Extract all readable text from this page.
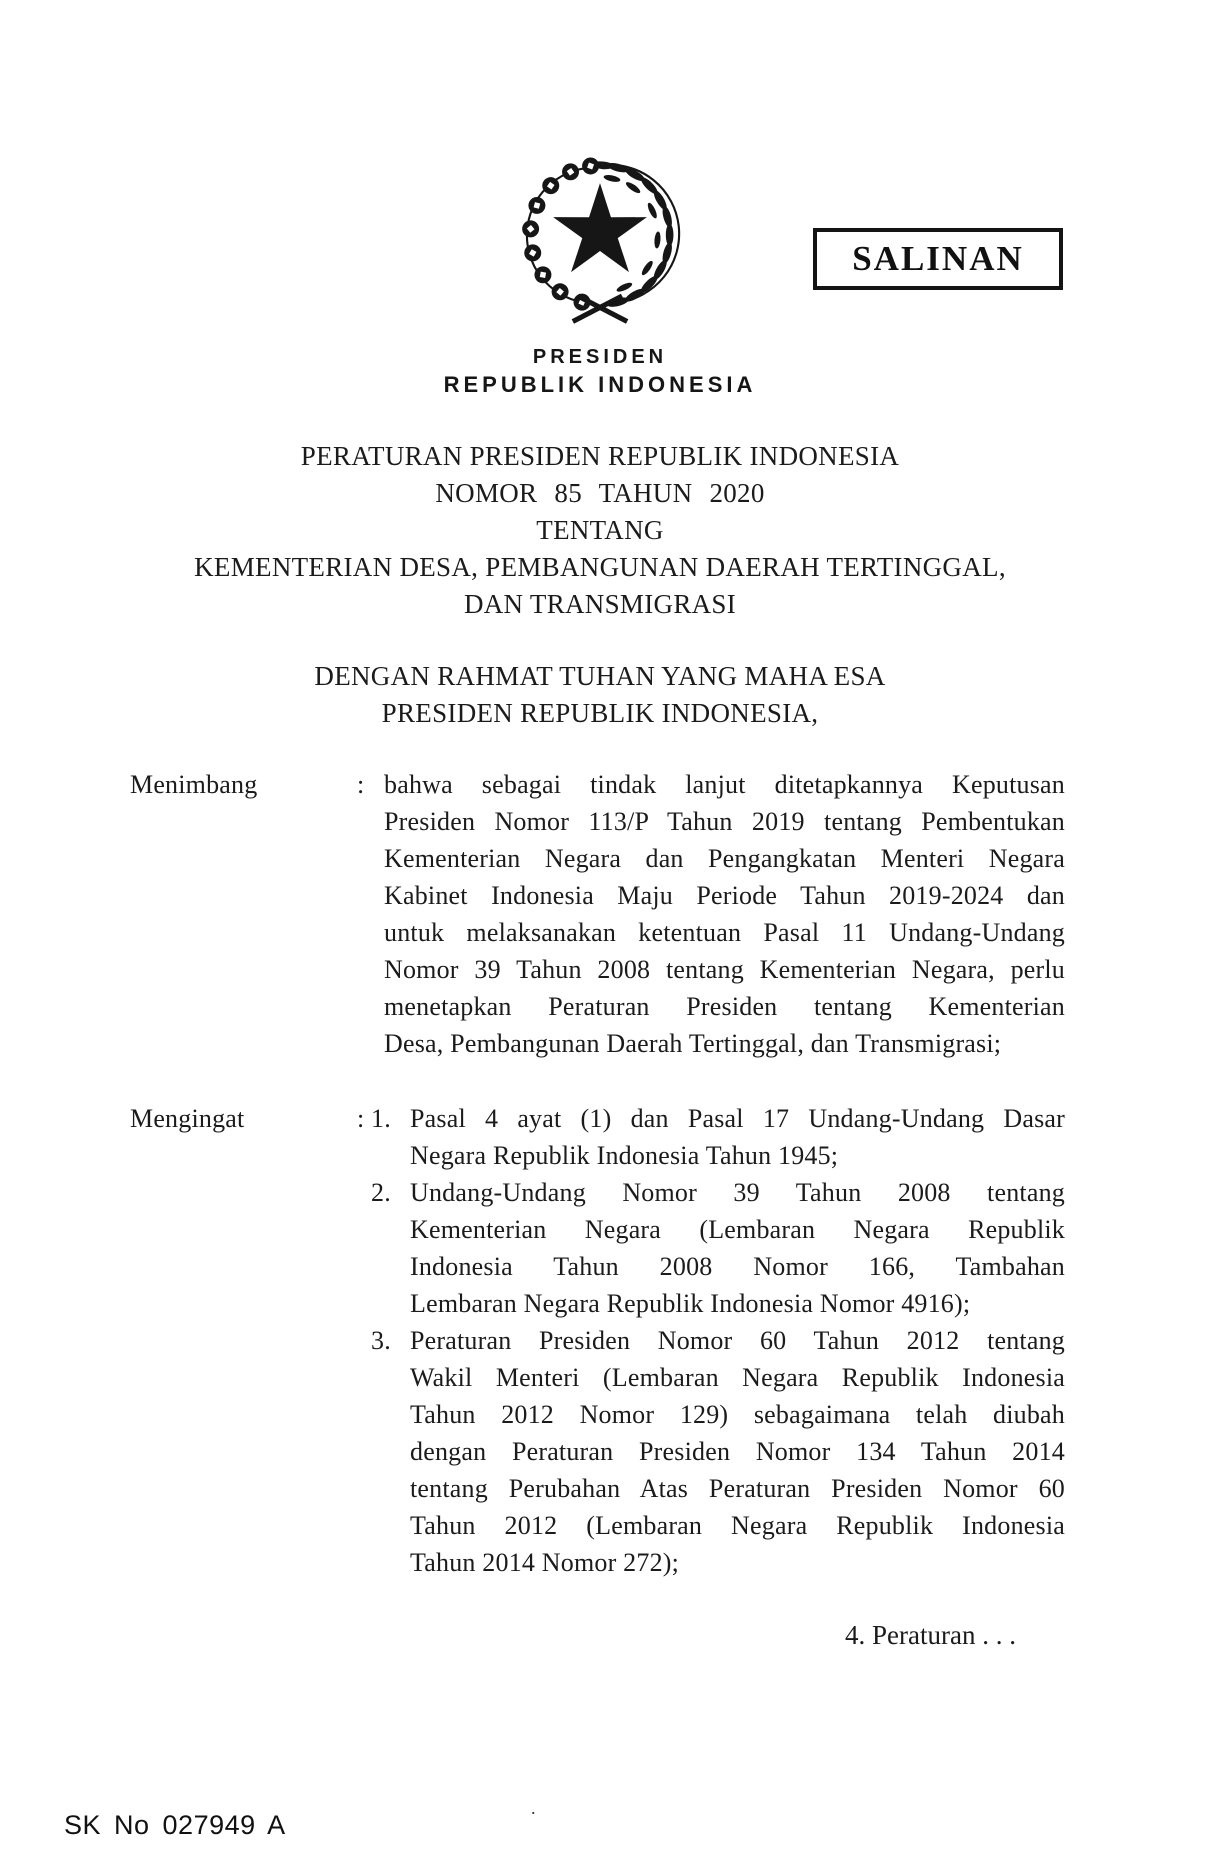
SALINAN
PRESIDEN
REPUBLIK INDONESIA
PERATURAN PRESIDEN REPUBLIK INDONESIA
NOMOR 85 TAHUN 2020
TENTANG
KEMENTERIAN DESA, PEMBANGUNAN DAERAH TERTINGGAL,
DAN TRANSMIGRASI
DENGAN RAHMAT TUHAN YANG MAHA ESA
PRESIDEN REPUBLIK INDONESIA,
Menimbang	: bahwa sebagai tindak lanjut ditetapkannya Keputusan
Presiden Nomor 113/P Tahun 2019 tentang Pembentukan
Kementerian Negara dan Pengangkatan Menteri Negara
Kabinet Indonesia Maju Periode Tahun 2019-2024 dan
untuk melaksanakan ketentuan Pasal 11 Undang-Undang
Nomor 39 Tahun 2008 tentang Kementerian Negara, perlu
menetapkan Peraturan Presiden tentang Kementerian
Desa, Pembangunan Daerah Tertinggal, dan Transmigrasi;
Mengingat	: 1. Pasal 4 ayat (1) dan Pasal 17 Undang-Undang Dasar
Negara Republik Indonesia Tahun 1945;
2. Undang-Undang Nomor 39 Tahun 2008 tentang
Kementerian Negara (Lembaran Negara Republik
Indonesia Tahun 2008 Nomor 166, Tambahan
Lembaran Negara Republik Indonesia Nomor 4916);
3. Peraturan Presiden Nomor 60 Tahun 2012 tentang
Wakil Menteri (Lembaran Negara Republik Indonesia
Tahun 2012 Nomor 129) sebagaimana telah diubah
dengan Peraturan Presiden Nomor 134 Tahun 2014
tentang Perubahan Atas Peraturan Presiden Nomor 60
Tahun 2012 (Lembaran Negara Republik Indonesia
Tahun 2014 Nomor 272);
4. Peraturan . . .
.
SK No 027949 A
